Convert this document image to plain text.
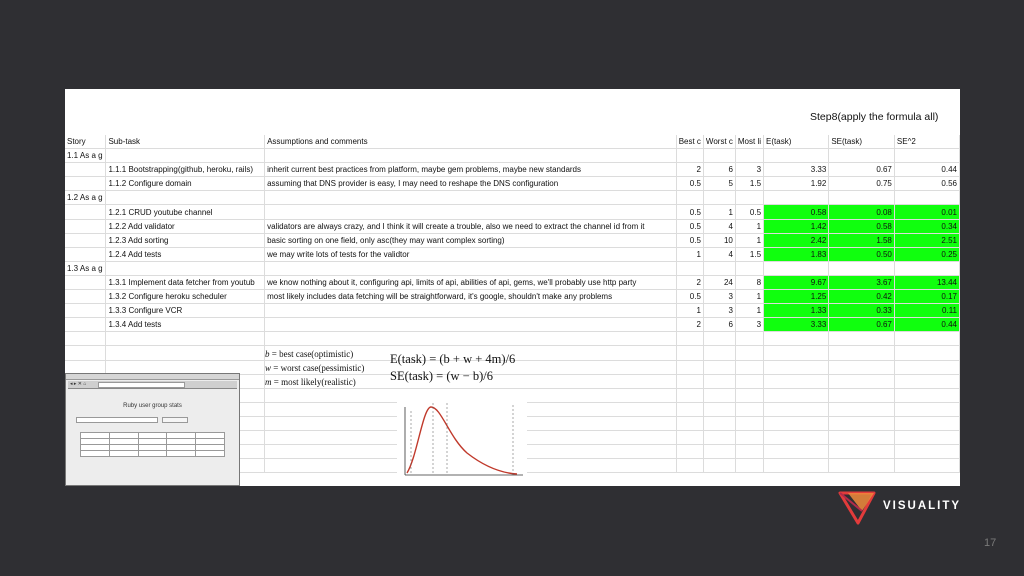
Step8(apply the formula all)
Story	Sub-task	Assumptions and comments	Best c	Worst c	Most li	E(task)	SE(task)	SE^2
1.1 As a g								
	1.1.1 Bootstrapping(github, heroku, rails)	inherit current best practices from platform, maybe gem problems, maybe new standards	2	6	3	3.33	0.67	0.44
	1.1.2 Configure domain	assuming that DNS provider is easy, I may need to reshape the DNS configuration	0.5	5	1.5	1.92	0.75	0.56
1.2 As a g								
	1.2.1 CRUD youtube channel		0.5	1	0.5	0.58	0.08	0.01
	1.2.2 Add validator	validators are always crazy, and I think it will create a trouble, also we need to extract the channel id from it	0.5	4	1	1.42	0.58	0.34
	1.2.3 Add sorting	basic sorting on one field, only asc(they may want complex sorting)	0.5	10	1	2.42	1.58	2.51
	1.2.4 Add tests	we may write lots of tests for the validtor	1	4	1.5	1.83	0.50	0.25
1.3 As a g								
	1.3.1 Implement data fetcher from youtub	we know nothing about it, configuring api, limits of api, abilities of api, gems, we'll probably use http party	2	24	8	9.67	3.67	13.44
	1.3.2 Configure heroku scheduler	most likely includes data fetching will be straightforward, it's google, shouldn't make any problems	0.5	3	1	1.25	0.42	0.17
	1.3.3 Configure VCR		1	3	1	1.33	0.33	0.11
	1.3.4 Add tests		2	6	3	3.33	0.67	0.44

b = best case(optimistic)
w = worst case(pessimistic)
m = most likely(realistic)
E(task) = (b + w + 4m)/6
SE(task) = (w − b)/6
◂ ▸ ✕ ⌂
Ruby user group stats

VISUALITY
17
